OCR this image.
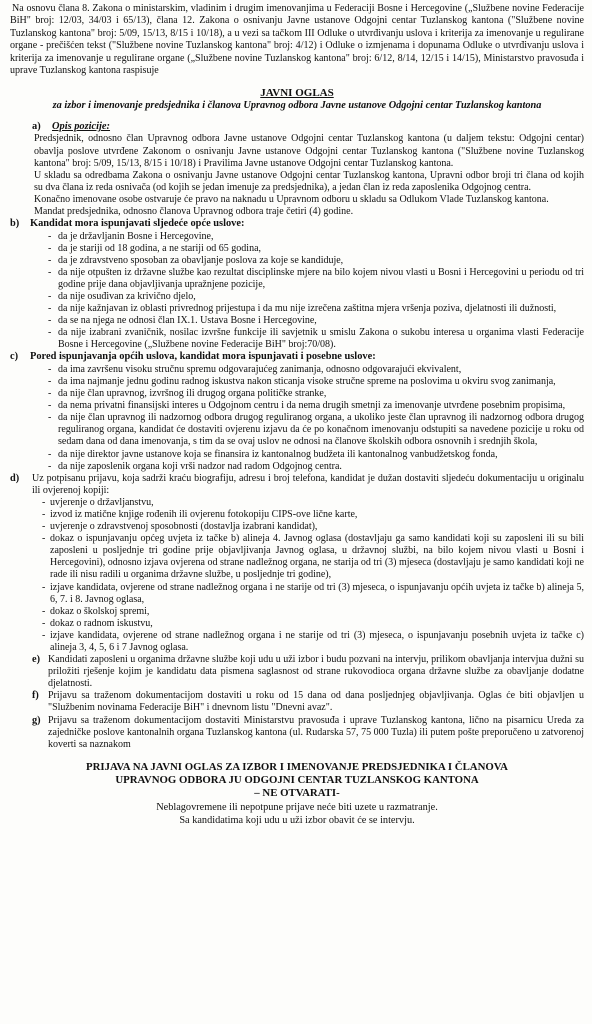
Na osnovu člana 8. Zakona o ministarskim, vladinim i drugim imenovanjima u Federaciji Bosne i Hercegovine („Službene novine Federacije BiH" broj: 12/03, 34/03 i 65/13), člana 12. Zakona o osnivanju Javne ustanove Odgojni centar Tuzlanskog kantona ("Službene novine Tuzlanskog kantona" broj: 5/09, 15/13, 8/15 i 10/18), a u vezi sa tačkom III Odluke o utvrđivanju uslova i kriterija za imenovanje u regulirane organe - prečišćen tekst ("Službene novine Tuzlanskog kantona" broj: 4/12) i Odluke o izmjenama i dopunama Odluke o utvrđivanju uslova i kriterija za imenovanje u regulirane organe („Službene novine Tuzlanskog kantona" broj: 6/12, 8/14, 12/15 i 14/15), Ministarstvo pravosuđa i uprave Tuzlanskog kantona raspisuje

JAVNI OGLAS

za izbor i imenovanje predsjednika i članova Upravnog odbora Javne ustanove Odgojni centar Tuzlanskog kantona

a) Opis pozicije:

Predsjednik, odnosno član Upravnog odbora Javne ustanove Odgojni centar Tuzlanskog kantona (u daljem tekstu: Odgojni centar) obavlja poslove utvrđene Zakonom o osnivanju Javne ustanove Odgojni centar Tuzlanskog kantona ("Službene novine Tuzlanskog kantona" broj: 5/09, 15/13, 8/15 i 10/18) i Pravilima Javne ustanove Odgojni centar Tuzlanskog kantona.

U skladu sa odredbama Zakona o osnivanju Javne ustanove Odgojni centar Tuzlanskog kantona, Upravni odbor broji tri člana od kojih su dva člana iz reda osnivača (od kojih se jedan imenuje za predsjednika), a jedan član iz reda zaposlenika Odgojnog centra.

Konačno imenovane osobe ostvaruje će pravo na naknadu u Upravnom odboru u skladu sa Odlukom Vlade Tuzlanskog kantona.

Mandat predsjednika, odnosno članova Upravnog odbora traje četiri (4) godine.

b) Kandidat mora ispunjavati sljedeće opće uslove:

- da je državljanin Bosne i Hercegovine,
- da je stariji od 18 godina, a ne stariji od 65 godina,
- da je zdravstveno sposoban za obavljanje poslova za koje se kandiduje,
- da nije otpušten iz državne službe kao rezultat disciplinske mjere na bilo kojem nivou vlasti u Bosni i Hercegovini u periodu od tri godine prije dana objavljivanja upražnjene pozicije,
- da nije osuđivan za krivično djelo,
- da nije kažnjavan iz oblasti privrednog prijestupa i da mu nije izrečena zaštitna mjera vršenja poziva, djelatnosti ili dužnosti,
- da se na njega ne odnosi član IX.1. Ustava Bosne i Hercegovine,
- da nije izabrani zvaničnik, nosilac izvršne funkcije ili savjetnik u smislu Zakona o sukobu interesa u organima vlasti Federacije Bosne i Hercegovine („Službene novine Federacije BiH" broj:70/08).

c) Pored ispunjavanja općih uslova, kandidat mora ispunjavati i posebne uslove:

- da ima završenu visoku stručnu spremu odgovarajućeg zanimanja, odnosno odgovarajući ekvivalent,
- da ima najmanje jednu godinu radnog iskustva nakon sticanja visoke stručne spreme na poslovima u okviru svog zanimanja,
- da nije član upravnog, izvršnog ili drugog organa političke stranke,
- da nema privatni finansijski interes u Odgojnom centru i da nema drugih smetnji za imenovanje utvrđene posebnim propisima,
- da nije član upravnog ili nadzornog odbora drugog reguliranog organa, a ukoliko jeste član upravnog ili nadzornog odbora drugog reguliranog organa, kandidat će dostaviti ovjerenu izjavu da će po konačnom imenovanju odstupiti sa navedene pozicije u roku od sedam dana od dana imenovanja, s tim da se ovaj uslov ne odnosi na članove školskih odbora osnovnih i srednjih škola,
- da nije direktor javne ustanove koja se finansira iz kantonalnog budžeta ili kantonalnog vanbudžetskog fonda,
- da nije zaposlenik organa koji vrši nadzor nad radom Odgojnog centra.
d)	Uz potpisanu prijavu, koja sadrži kraću biografiju, adresu i broj telefona, kandidat je dužan dostaviti sljedeću dokumentaciju u originalu ili ovjerenoj kopiji:
- uvjerenje o državljanstvu,
- izvod iz matične knjige rođenih ili ovjerenu fotokopiju CIPS-ove lične karte,
- uvjerenje o zdravstvenoj sposobnosti (dostavlja izabrani kandidat),
- dokaz o ispunjavanju općeg uvjeta iz tačke b) alineja 4. Javnog oglasa (dostavljaju ga samo kandidati koji su zaposleni ili su bili zaposleni u posljednje tri godine prije objavljivanja Javnog oglasa, u državnoj službi, na bilo kojem nivou vlasti u Bosni i Hercegovini), odnosno izjava ovjerena od strane nadležnog organa, ne starija od tri (3) mjeseca (dostavljaju je samo kandidati koji ne rade ili nisu radili u organima državne službe, u posljednje tri godine),
- izjave kandidata, ovjerene od strane nadležnog organa i ne starije od tri (3) mjeseca, o ispunjavanju općih uvjeta iz tačke b) alineja 5, 6, 7. i 8. Javnog oglasa,
- dokaz o školskoj spremi,
- dokaz o radnom iskustvu,
- izjave kandidata, ovjerene od strane nadležnog organa i ne starije od tri (3) mjeseca, o ispunjavanju posebnih uvjeta iz tačke c) alineja 3, 4, 5, 6 i 7 Javnog oglasa.
e) Kandidati zaposleni u organima državne službe koji udu u uži izbor i budu pozvani na intervju, prilikom obavljanja intervjua dužni su priložiti rješenje kojim je kandidatu data pismena saglasnost od strane rukovodioca organa državne službe za obavljanje dodatne djelatnosti.
f) Prijavu sa traženom dokumentacijom dostaviti u roku od 15 dana od dana posljednjeg objavljivanja. Oglas će biti objavljen u "Službenim novinama Federacije BiH" i dnevnom listu "Dnevni avaz".
g) Prijavu sa traženom dokumentacijom dostaviti Ministarstvu pravosuđa i uprave Tuzlanskog kantona, lično na pisarnicu Ureda za zajedničke poslove kantonalnih organa Tuzlanskog kantona (ul. Rudarska 57, 75 000 Tuzla) ili putem pošte preporučeno u zatvorenoj koverti sa naznakom
PRIJAVA NA JAVNI OGLAS ZA IZBOR I IMENOVANJE PREDSJEDNIKA I ČLANOVA
UPRAVNOG ODBORA JU ODGOJNI CENTAR TUZLANSKOG KANTONA
– NE OTVARATI-
Neblagovremene ili nepotpune prijave neće biti uzete u razmatranje.
Sa kandidatima koji udu u uži izbor obavit će se intervju.
